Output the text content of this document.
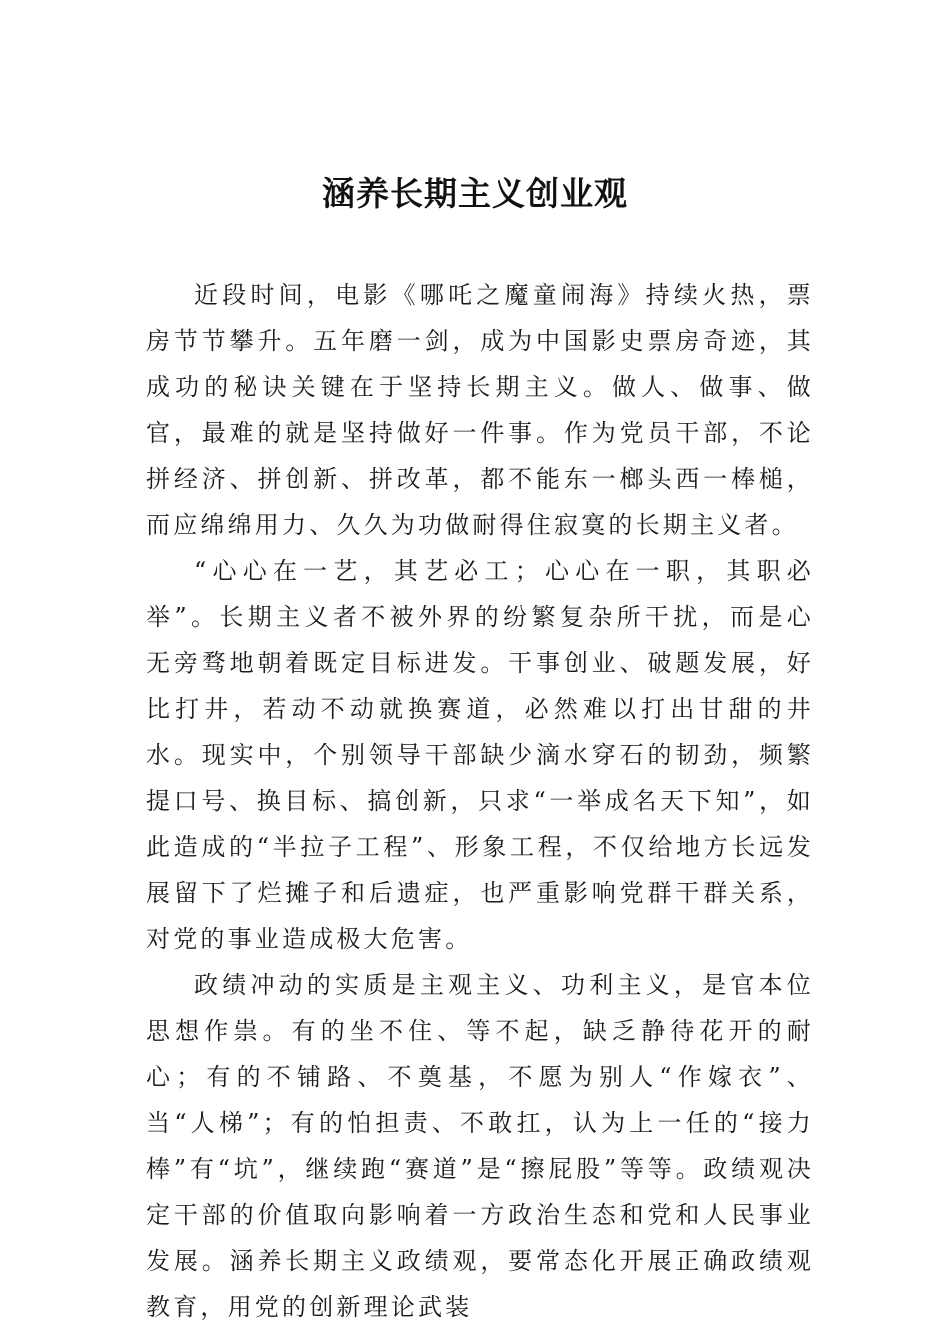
涵养长期主义创业观

近段时间，电影《哪吒之魔童闹海》持续火热，票房节节攀升。五年磨一剑，成为中国影史票房奇迹，其成功的秘诀关键在于坚持长期主义。做人、做事、做官，最难的就是坚持做好一件事。作为党员干部，不论拼经济、拼创新、拼改革，都不能东一榔头西一棒槌，而应绵绵用力、久久为功做耐得住寂寞的长期主义者。

“心心在一艺，其艺必工；心心在一职，其职必举”。长期主义者不被外界的纷繁复杂所干扰，而是心无旁骛地朝着既定目标进发。干事创业、破题发展，好比打井，若动不动就换赛道，必然难以打出甘甜的井水。现实中，个别领导干部缺少滴水穿石的韧劲，频繁提口号、换目标、搞创新，只求“一举成名天下知”，如此造成的“半拉子工程”、形象工程，不仅给地方长远发展留下了烂摊子和后遗症，也严重影响党群干群关系，对党的事业造成极大危害。

政绩冲动的实质是主观主义、功利主义，是官本位思想作祟。有的坐不住、等不起，缺乏静待花开的耐心；有的不铺路、不奠基，不愿为别人“作嫁衣”、当“人梯”；有的怕担责、不敢扛，认为上一任的“接力棒”有“坑”，继续跑“赛道”是“擦屁股”等等。政绩观决定干部的价值取向影响着一方政治生态和党和人民事业发展。涵养长期主义政绩观，要常态化开展正确政绩观教育，用党的创新理论武装
